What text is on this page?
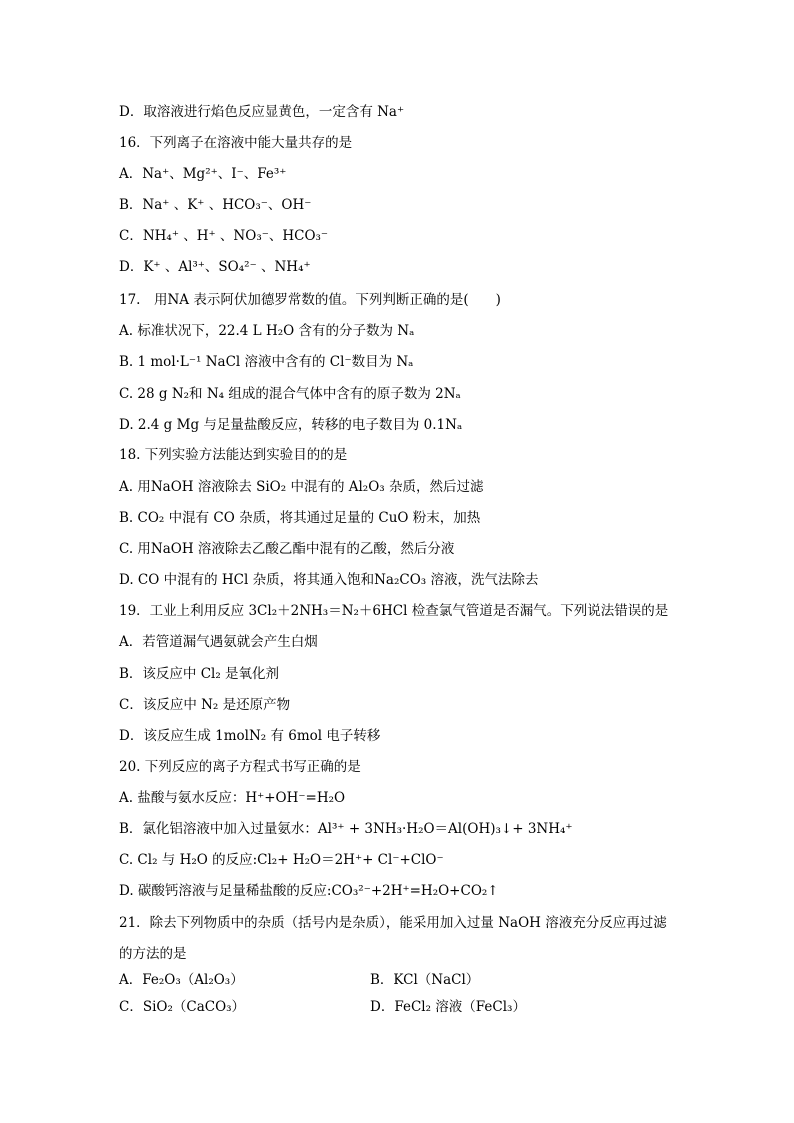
D．取溶液进行焰色反应显黄色，一定含有 Na⁺
16．下列离子在溶液中能大量共存的是
A．Na⁺、Mg²⁺、I⁻、Fe³⁺
B．Na⁺ 、K⁺ 、HCO₃⁻、OH⁻
C．NH₄⁺ 、H⁺ 、NO₃⁻、HCO₃⁻
D．K⁺ 、Al³⁺、SO₄²⁻ 、NH₄⁺
17.　用NA 表示阿伏加德罗常数的值。下列判断正确的是(　　)
A. 标准状况下，22.4 L H₂O 含有的分子数为 Nₐ
B. 1 mol·L⁻¹ NaCl 溶液中含有的 Cl⁻数目为 Nₐ
C. 28 g N₂和 N₄ 组成的混合气体中含有的原子数为 2Nₐ
D. 2.4 g Mg 与足量盐酸反应，转移的电子数目为 0.1Nₐ
18. 下列实验方法能达到实验目的的是
A. 用NaOH 溶液除去 SiO₂ 中混有的 Al₂O₃ 杂质，然后过滤
B. CO₂ 中混有 CO 杂质，将其通过足量的 CuO 粉末，加热
C. 用NaOH 溶液除去乙酸乙酯中混有的乙酸，然后分液
D. CO 中混有的 HCl 杂质，将其通入饱和Na₂CO₃ 溶液，洗气法除去
19．工业上利用反应 3Cl₂＋2NH₃＝N₂＋6HCl 检查氯气管道是否漏气。下列说法错误的是
A．若管道漏气遇氨就会产生白烟
B．该反应中 Cl₂ 是氧化剂
C．该反应中 N₂ 是还原产物
D．该反应生成 1molN₂ 有 6mol 电子转移
20. 下列反应的离子方程式书写正确的是
A. 盐酸与氨水反应：H⁺+OH⁻=H₂O
B．氯化铝溶液中加入过量氨水：Al³⁺ + 3NH₃·H₂O＝Al(OH)₃↓+ 3NH₄⁺
C. Cl₂ 与 H₂O 的反应:Cl₂+ H₂O＝2H⁺+ Cl⁻+ClO⁻
D. 碳酸钙溶液与足量稀盐酸的反应:CO₃²⁻+2H⁺=H₂O+CO₂↑
21．除去下列物质中的杂质（括号内是杂质），能采用加入过量 NaOH 溶液充分反应再过滤
的方法的是
A．Fe₂O₃（Al₂O₃）	B．KCl（NaCl）
C．SiO₂（CaCO₃）	D．FeCl₂ 溶液（FeCl₃）
